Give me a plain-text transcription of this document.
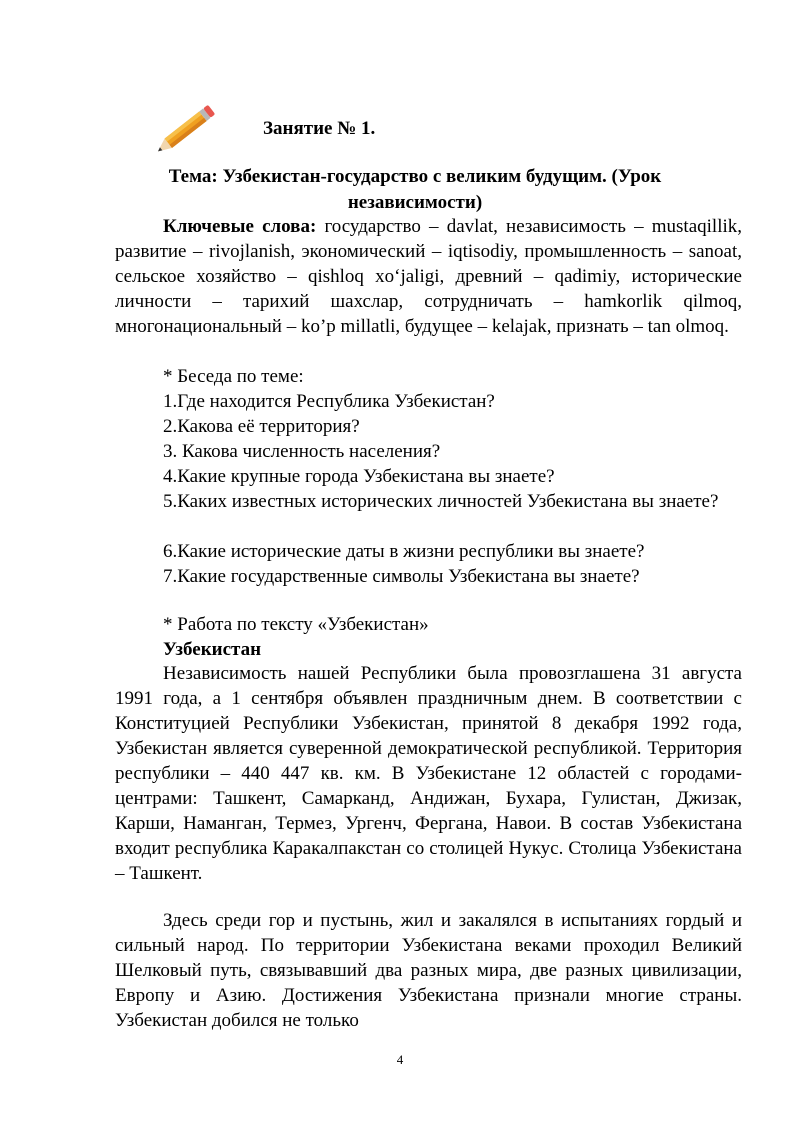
Занятие № 1.
Тема: Узбекистан-государство с великим будущим. (Урок
независимости)

Ключевые слова: государство – davlat, независимость – mustaqillik, развитие – rivojlanish, экономический – iqtisodiy, промышленность – sanoat, сельское хозяйство – qishloq xo‘jaligi, древний – qadimiy, исторические личности – тарихий шахслар, сотрудничать – hamkorlik qilmoq, многонациональный – ko’p millatli, будущее – kelajak, признать – tan olmoq.

* Беседа по теме:

1.Где находится Республика Узбекистан?

2.Какова её территория?

3. Какова численность населения?

4.Какие крупные города Узбекистана вы знаете?

5.Каких известных исторических личностей Узбекистана вы знаете?

6.Какие исторические даты в жизни республики вы знаете?

7.Какие государственные символы Узбекистана вы знаете?

* Работа по тексту «Узбекистан»

Узбекистан

Независимость нашей Республики была провозглашена 31 августа 1991 года, а 1 сентября объявлен праздничным днем. В соответствии с Конституцией Республики Узбекистан, принятой 8 декабря 1992 года, Узбекистан является суверенной демократической республикой. Территория республики – 440 447 кв. км. В Узбекистане 12 областей с городами-центрами: Ташкент, Самарканд, Андижан, Бухара, Гулистан, Джизак, Карши, Наманган, Термез, Ургенч, Фергана, Навои. В состав Узбекистана входит республика Каракалпакстан со столицей Нукус. Столица Узбекистана – Ташкент.

Здесь среди гор и пустынь, жил и закалялся в испытаниях гордый и сильный народ. По территории Узбекистана веками проходил Великий Шелковый путь, связывавший два разных мира, две разных цивилизации, Европу и Азию. Достижения Узбекистана признали многие страны. Узбекистан добился не только

4
